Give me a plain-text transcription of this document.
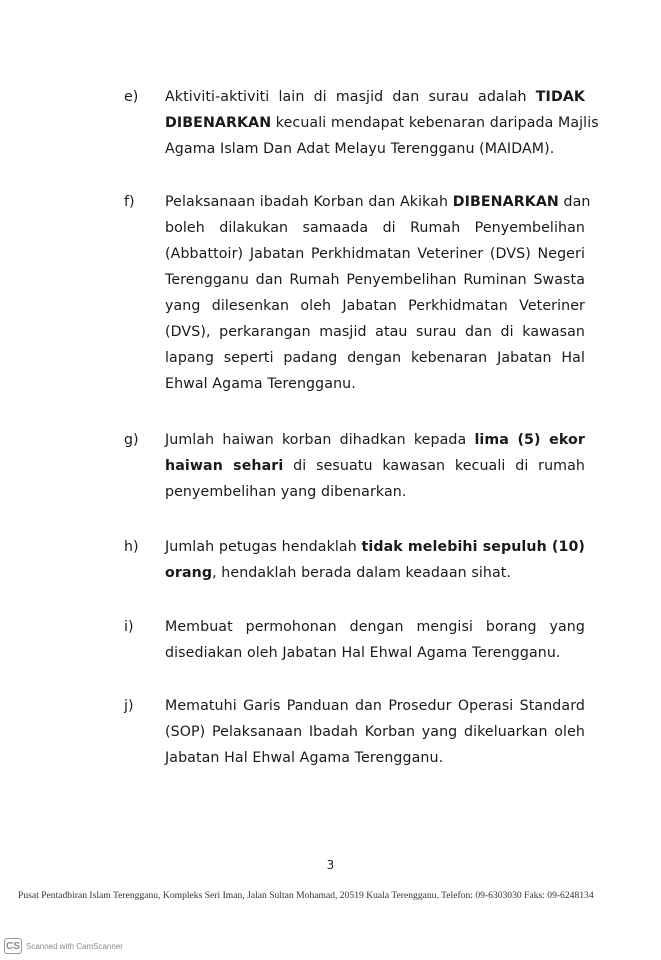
e) Aktiviti-aktiviti lain di masjid dan surau adalah TIDAK
DIBENARKAN kecuali mendapat kebenaran daripada Majlis
Agama Islam Dan Adat Melayu Terengganu (MAIDAM).
f) Pelaksanaan ibadah Korban dan Akikah DIBENARKAN dan
boleh dilakukan samaada di Rumah Penyembelihan
(Abbattoir) Jabatan Perkhidmatan Veteriner (DVS) Negeri
Terengganu dan Rumah Penyembelihan Ruminan Swasta
yang dilesenkan oleh Jabatan Perkhidmatan Veteriner
(DVS), perkarangan masjid atau surau dan di kawasan
lapang seperti padang dengan kebenaran Jabatan Hal
Ehwal Agama Terengganu.
g) Jumlah haiwan korban dihadkan kepada lima (5) ekor
haiwan sehari di sesuatu kawasan kecuali di rumah
penyembelihan yang dibenarkan.
h) Jumlah petugas hendaklah tidak melebihi sepuluh (10)
orang, hendaklah berada dalam keadaan sihat.
i) Membuat permohonan dengan mengisi borang yang
disediakan oleh Jabatan Hal Ehwal Agama Terengganu.
j) Mematuhi Garis Panduan dan Prosedur Operasi Standard
(SOP) Pelaksanaan Ibadah Korban yang dikeluarkan oleh
Jabatan Hal Ehwal Agama Terengganu.
3
Pusat Pentadbiran Islam Terengganu, Kompleks Seri Iman, Jalan Sultan Mohamad, 20519 Kuala Terengganu. Telefon: 09-6303030 Faks: 09-6248134
CS Scanned with CamScanner
